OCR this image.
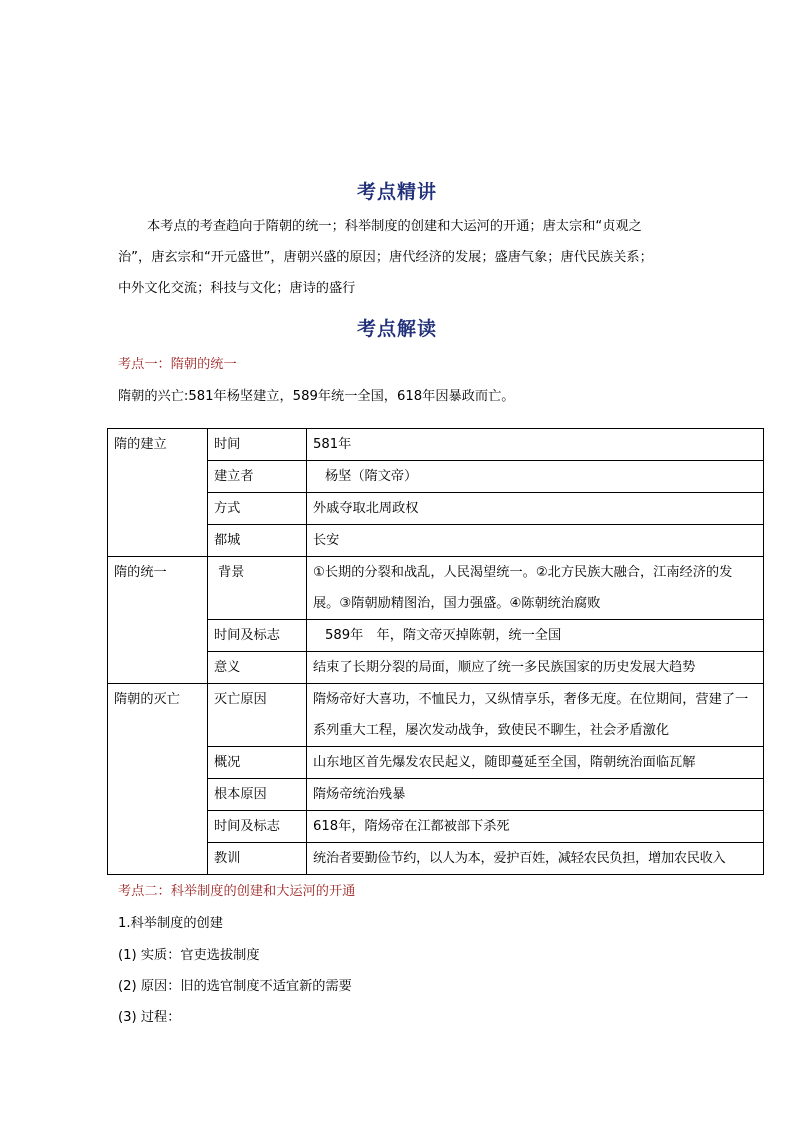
考点精讲

本考点的考查趋向于隋朝的统一；科举制度的创建和大运河的开通；唐太宗和“贞观之
治”，唐玄宗和“开元盛世”，唐朝兴盛的原因；唐代经济的发展；盛唐气象；唐代民族关系；
中外文化交流；科技与文化；唐诗的盛行

考点解读
考点一：隋朝的统一
隋朝的兴亡:581年杨坚建立，589年统一全国，618年因暴政而亡。
隋的建立	时间	581年
	建立者	杨坚（隋文帝）
	方式	外戚夺取北周政权
	都城	长安
隋的统一	背景	①长期的分裂和战乱，人民渴望统一。②北方民族大融合，江南经济的发展。③隋朝励精图治，国力强盛。④陈朝统治腐败
	时间及标志	589年　年，隋文帝灭掉陈朝，统一全国
	意义	结束了长期分裂的局面，顺应了统一多民族国家的历史发展大趋势
隋朝的灭亡	灭亡原因	隋炀帝好大喜功，不恤民力，又纵情享乐，奢侈无度。在位期间，营建了一系列重大工程，屡次发动战争，致使民不聊生，社会矛盾激化
	概况	山东地区首先爆发农民起义，随即蔓延至全国，隋朝统治面临瓦解
	根本原因	隋炀帝统治残暴
	时间及标志	618年，隋炀帝在江都被部下杀死
	教训	统治者要勤俭节约，以人为本，爱护百姓，减轻农民负担，增加农民收入
考点二：科举制度的创建和大运河的开通
1.科举制度的创建
(1) 实质：官吏选拔制度
(2) 原因：旧的选官制度不适宜新的需要
(3) 过程：
